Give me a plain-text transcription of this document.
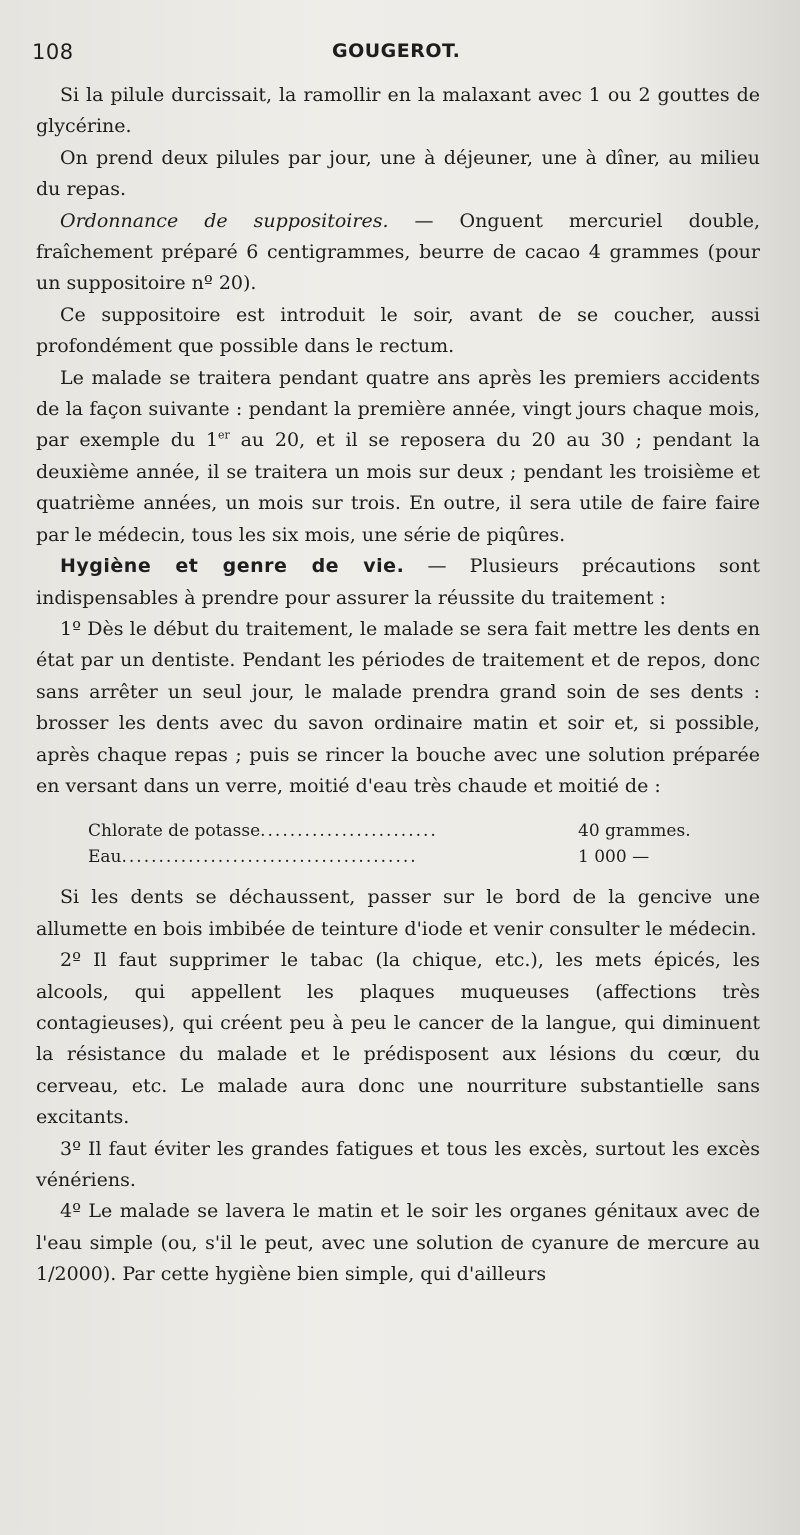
108	GOUGEROT.

Si la pilule durcissait, la ramollir en la malaxant avec 1 ou 2 gouttes de glycérine.

On prend deux pilules par jour, une à déjeuner, une à dîner, au milieu du repas.

Ordonnance de suppositoires. — Onguent mercuriel double, fraîchement préparé 6 centigrammes, beurre de cacao 4 grammes (pour un suppositoire nº 20).

Ce suppositoire est introduit le soir, avant de se coucher, aussi profondément que possible dans le rectum.

Le malade se traitera pendant quatre ans après les premiers accidents de la façon suivante : pendant la première année, vingt jours chaque mois, par exemple du 1er au 20, et il se reposera du 20 au 30 ; pendant la deuxième année, il se traitera un mois sur deux ; pendant les troisième et quatrième années, un mois sur trois. En outre, il sera utile de faire faire par le médecin, tous les six mois, une série de piqûres.

Hygiène et genre de vie. — Plusieurs précautions sont indispensables à prendre pour assurer la réussite du traitement :

1º Dès le début du traitement, le malade se sera fait mettre les dents en état par un dentiste. Pendant les périodes de traitement et de repos, donc sans arrêter un seul jour, le malade prendra grand soin de ses dents : brosser les dents avec du savon ordinaire matin et soir et, si possible, après chaque repas ; puis se rincer la bouche avec une solution préparée en versant dans un verre, moitié d'eau très chaude et moitié de :

Chlorate de potasse ........................	40 grammes.
Eau ........................................	1 000 —

Si les dents se déchaussent, passer sur le bord de la gencive une allumette en bois imbibée de teinture d'iode et venir consulter le médecin.

2º Il faut supprimer le tabac (la chique, etc.), les mets épicés, les alcools, qui appellent les plaques muqueuses (affections très contagieuses), qui créent peu à peu le cancer de la langue, qui diminuent la résistance du malade et le prédisposent aux lésions du cœur, du cerveau, etc. Le malade aura donc une nourriture substantielle sans excitants.

3º Il faut éviter les grandes fatigues et tous les excès, surtout les excès vénériens.

4º Le malade se lavera le matin et le soir les organes génitaux avec de l'eau simple (ou, s'il le peut, avec une solution de cyanure de mercure au 1/2000). Par cette hygiène bien simple, qui d'ailleurs
